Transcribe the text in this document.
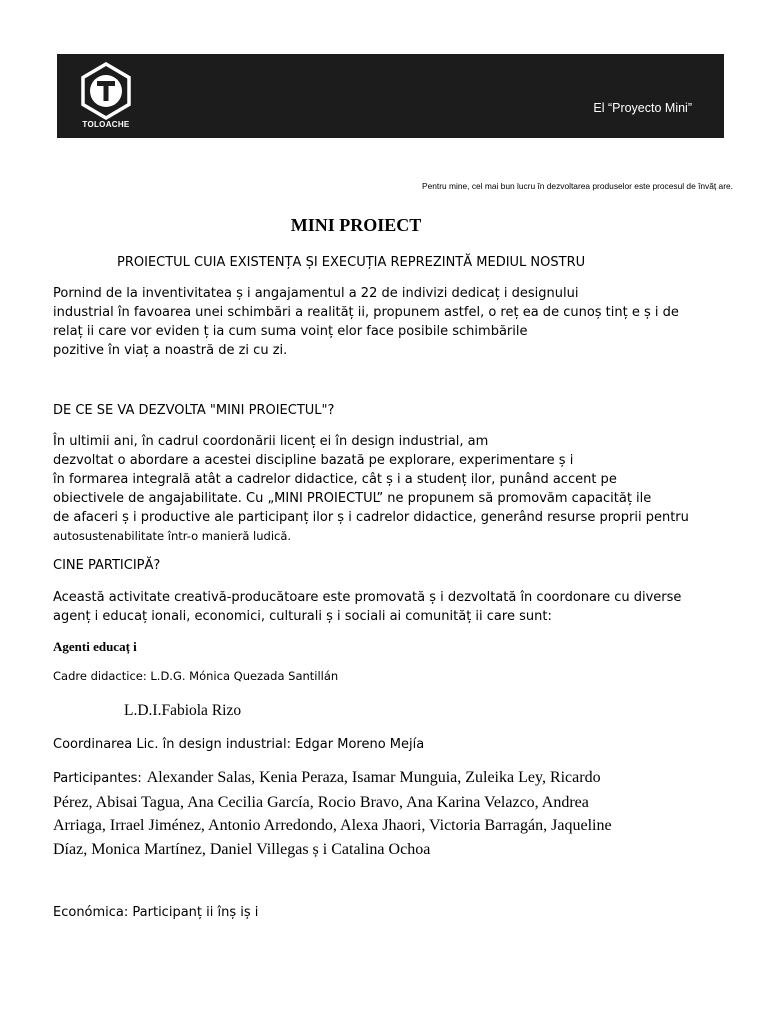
TOLOACHE
El “Proyecto Mini”
Pentru mine, cel mai bun lucru în dezvoltarea produselor este procesul de învăț are.
MINI PROIECT
PROIECTUL CUIA EXISTENȚA ȘI EXECUȚIA REPREZINTĂ MEDIUL NOSTRU
Pornind de la inventivitatea ș i angajamentul a 22 de indivizi dedicaț i designului
industrial în favoarea unei schimbări a realităț ii, propunem astfel, o reț ea de cunoș tinț e ș i de
relaț ii care vor eviden ț ia cum suma voinț elor face posibile schimbările
pozitive în viaț a noastră de zi cu zi.
DE CE SE VA DEZVOLTA "MINI PROIECTUL"?
În ultimii ani, în cadrul coordonării licenț ei în design industrial, am
dezvoltat o abordare a acestei discipline bazată pe explorare, experimentare ș i
în formarea integrală atât a cadrelor didactice, cât ș i a studenț ilor, punând accent pe
obiectivele de angajabilitate. Cu „MINI PROIECTUL” ne propunem să promovăm capacităț ile
de afaceri ș i productive ale participanț ilor ș i cadrelor didactice, generând resurse proprii pentru
autosustenabilitate într-o manieră ludică.
CINE PARTICIPĂ?
Această activitate creativă-producătoare este promovată ș i dezvoltată în coordonare cu diverse
agenț i educaț ionali, economici, culturali ș i sociali ai comunităț ii care sunt:
Agenti educaț i
Cadre didactice: L.D.G. Mónica Quezada Santillán
L.D.I.Fabiola Rizo
Coordinarea Lic. în design industrial: Edgar Moreno Mejía
Participantes: Alexander Salas, Kenia Peraza, Isamar Munguia, Zuleika Ley, Ricardo
Pérez, Abisai Tagua, Ana Cecilia García, Rocio Bravo, Ana Karina Velazco, Andrea
Arriaga, Irrael Jiménez, Antonio Arredondo, Alexa Jhaori, Victoria Barragán, Jaqueline
Díaz, Monica Martínez, Daniel Villegas ș i Catalina Ochoa
Económica: Participanț ii înș iș i
